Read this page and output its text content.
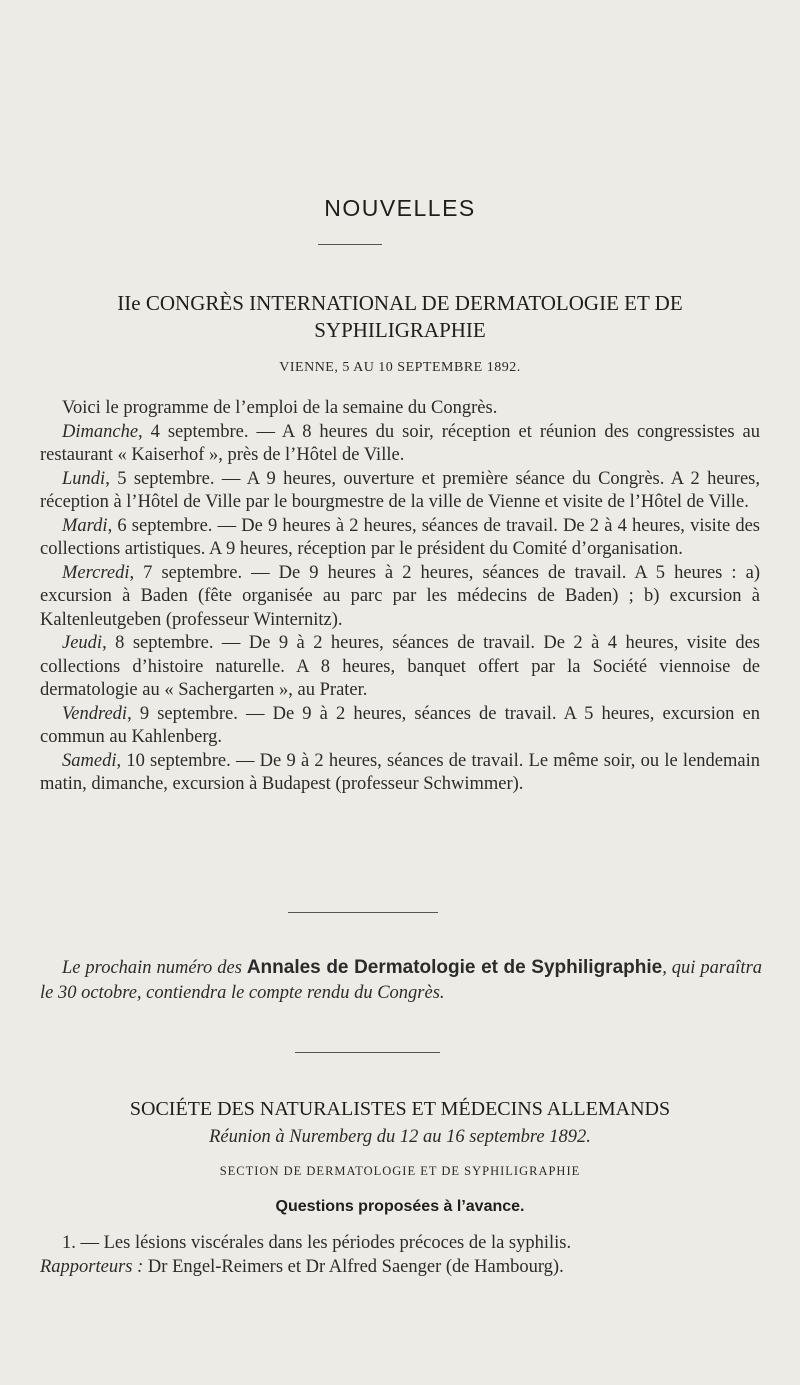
NOUVELLES
IIe CONGRÈS INTERNATIONAL DE DERMATOLOGIE ET DE SYPHILIGRAPHIE
VIENNE, 5 AU 10 SEPTEMBRE 1892.

Voici le programme de l’emploi de la semaine du Congrès.

Dimanche, 4 septembre. — A 8 heures du soir, réception et réunion des congressistes au restaurant « Kaiserhof », près de l’Hôtel de Ville.

Lundi, 5 septembre. — A 9 heures, ouverture et première séance du Congrès. A 2 heures, réception à l’Hôtel de Ville par le bourgmestre de la ville de Vienne et visite de l’Hôtel de Ville.

Mardi, 6 septembre. — De 9 heures à 2 heures, séances de travail. De 2 à 4 heures, visite des collections artistiques. A 9 heures, réception par le président du Comité d’organisation.

Mercredi, 7 septembre. — De 9 heures à 2 heures, séances de travail. A 5 heures : a) excursion à Baden (fête organisée au parc par les médecins de Baden) ; b) excursion à Kaltenleutgeben (professeur Winternitz).

Jeudi, 8 septembre. — De 9 à 2 heures, séances de travail. De 2 à 4 heures, visite des collections d’histoire naturelle. A 8 heures, banquet offert par la Société viennoise de dermatologie au « Sachergarten », au Prater.

Vendredi, 9 septembre. — De 9 à 2 heures, séances de travail. A 5 heures, excursion en commun au Kahlenberg.

Samedi, 10 septembre. — De 9 à 2 heures, séances de travail. Le même soir, ou le lendemain matin, dimanche, excursion à Budapest (professeur Schwimmer).

Le prochain numéro des Annales de Dermatologie et de Syphiligraphie, qui paraîtra le 30 octobre, contiendra le compte rendu du Congrès.
SOCIÉTE DES NATURALISTES ET MÉDECINS ALLEMANDS
Réunion à Nuremberg du 12 au 16 septembre 1892.
SECTION DE DERMATOLOGIE ET DE SYPHILIGRAPHIE
Questions proposées à l’avance.

1. — Les lésions viscérales dans les périodes précoces de la syphilis.

Rapporteurs : Dr Engel-Reimers et Dr Alfred Saenger (de Hambourg).
